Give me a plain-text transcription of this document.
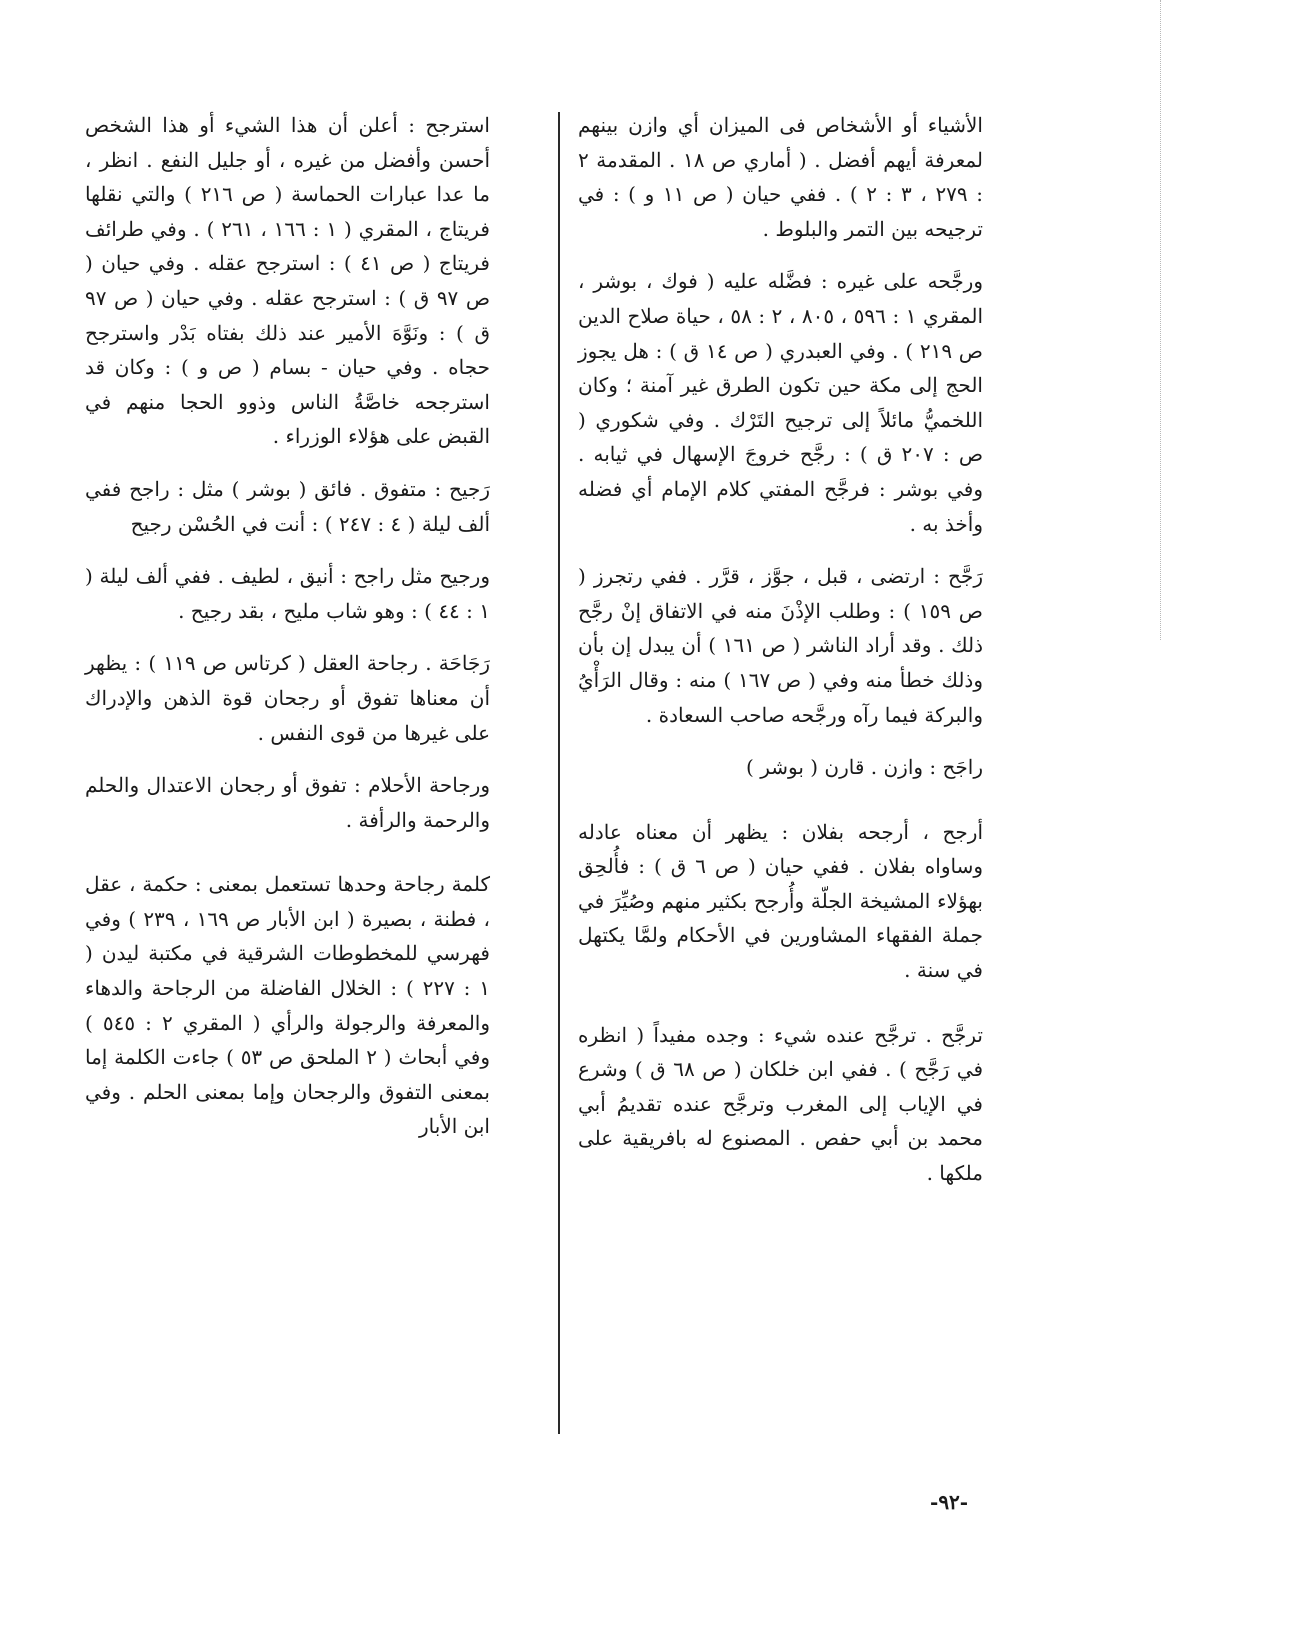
الأشياء أو الأشخاص فى الميزان أي وازن بينهم لمعرفة أيهم أفضل . ( أماري ص ١٨ . المقدمة ٢ : ٢٧٩ ، ٣ : ٢ ) . ففي حيان ( ص ١١ و ) : في ترجيحه بين التمر والبلوط .

ورجَّحه على غيره : فضَّله عليه ( فوك ، بوشر ، المقري ١ : ٥٩٦ ، ٨٠٥ ، ٢ : ٥٨ ، حياة صلاح الدين ص ٢١٩ ) . وفي العبدري ( ص ١٤ ق ) : هل يجوز الحج إلى مكة حين تكون الطرق غير آمنة ؛ وكان اللخميُّ مائلاً إلى ترجيح التَرْك . وفي شكوري ( ص : ٢٠٧ ق ) : رجَّح خروجَ الإسهال في ثيابه . وفي بوشر : فرجَّح المفتي كلام الإمام أي فضله وأخذ به .

رَجَّح : ارتضى ، قبل ، جوَّز ، قرَّر . ففي رتجرز ( ص ١٥٩ ) : وطلب الإذْنَ منه في الاتفاق إنْ رجَّح ذلك . وقد أراد الناشر ( ص ١٦١ ) أن يبدل إن بأن وذلك خطأ منه وفي ( ص ١٦٧ ) منه : وقال الرَأْيُ والبركة فيما رآه ورجَّحه صاحب السعادة .

راجَح : وازن . قارن ( بوشر )

أرجح ، أرجحه بفلان : يظهر أن معناه عادله وساواه بفلان . ففي حيان ( ص ٦ ق ) : فأُلحِق بهؤلاء المشيخة الجلّة وأُرجح بكثير منهم وصُيِّرَ في جملة الفقهاء المشاورين في الأحكام ولمَّا يكتهل في سنة .

ترجَّح . ترجَّح عنده شيء : وجده مفيداً ( انظره في رَجَّح ) . ففي ابن خلكان ( ص ٦٨ ق ) وشرع في الإياب إلى المغرب وترجَّح عنده تقديمُ أبي محمد بن أبي حفص . المصنوع له بافريقية على ملكها .

استرجح : أعلن أن هذا الشيء أو هذا الشخص أحسن وأفضل من غيره ، أو جليل النفع . انظر ، ما عدا عبارات الحماسة ( ص ٢١٦ ) والتي نقلها فريتاج ، المقري ( ١ : ١٦٦ ، ٢٦١ ) . وفي طرائف فريتاج ( ص ٤١ ) : استرجح عقله . وفي حيان ( ص ٩٧ ق ) : استرجح عقله . وفي حيان ( ص ٩٧ ق ) : ونَوَّهَ الأمير عند ذلك بفتاه بَدْر واسترجح حجاه . وفي حيان - بسام ( ص و ) : وكان قد استرجحه خاصَّةُ الناس وذوو الحجا منهم في القبض على هؤلاء الوزراء .

رَجيح : متفوق . فائق ( بوشر ) مثل : راجح ففي ألف ليلة ( ٤ : ٢٤٧ ) : أنت في الحُسْن رجيح

ورجيح مثل راجح : أنيق ، لطيف . ففي ألف ليلة ( ١ : ٤٤ ) : وهو شاب مليح ، بقد رجيح .

رَجَاحَة . رجاحة العقل ( كرتاس ص ١١٩ ) : يظهر أن معناها تفوق أو رجحان قوة الذهن والإدراك على غيرها من قوى النفس .

ورجاحة الأحلام : تفوق أو رجحان الاعتدال والحلم والرحمة والرأفة .

كلمة رجاحة وحدها تستعمل بمعنى : حكمة ، عقل ، فطنة ، بصيرة ( ابن الأبار ص ١٦٩ ، ٢٣٩ ) وفي فهرسي للمخطوطات الشرقية في مكتبة ليدن ( ١ : ٢٢٧ ) : الخلال الفاضلة من الرجاحة والدهاء والمعرفة والرجولة والرأي ( المقري ٢ : ٥٤٥ ) وفي أبحاث ( ٢ الملحق ص ٥٣ ) جاءت الكلمة إما بمعنى التفوق والرجحان وإما بمعنى الحلم . وفي ابن الأبار

-٩٢-
